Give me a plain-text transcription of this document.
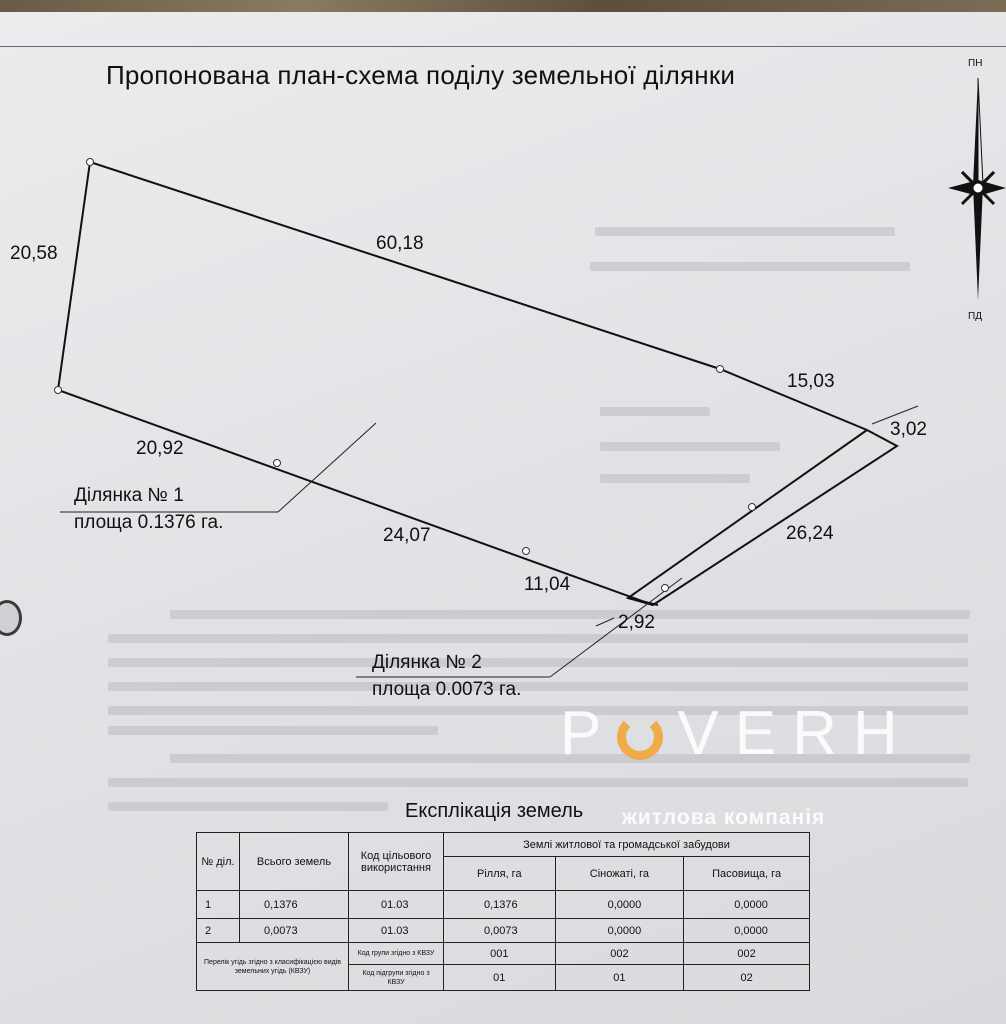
Пропонована план-схема поділу земельної ділянки	ПН
ПД
20,58	60,18
15,03
3,02
20,92
24,07
11,04
26,24
2,92
Ділянка № 1
площа 0.1376 га.
Ділянка № 2
площа 0.0073 га.
P VERH
житлова компанія
Експлікація земель
№ діл.	Всього земель	Код цільового використання	Землі житлової та громадської забудови		
			Рілля, га	Сіножаті, га	Пасовища, га
1	0,1376	01.03	0,1376	0,0000	0,0000
2	0,0073	01.03	0,0073	0,0000	0,0000
Перелік угідь згідно з класифікацією видів земельних угідь (КВЗУ)		Код групи згідно з КВЗУ	001	002	002
		Код підгрупи згідно з КВЗУ	01	01	02
